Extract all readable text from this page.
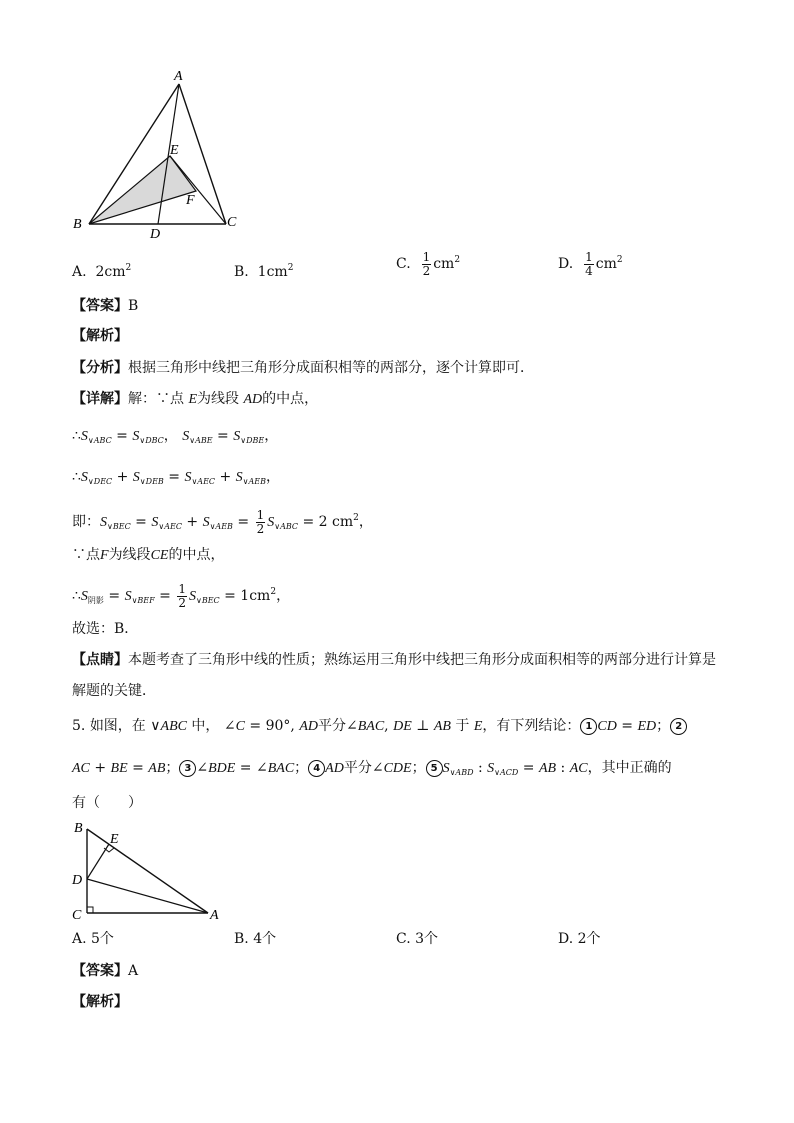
A
E
F
B	C
D
A. $2cm^2$	B. $1cm^2$	C. $\frac{1}{2} cm^2$	D. $\frac{1}{4} cm^2$
【答案】B
【解析】
【分析】根据三角形中线把三角形分成面积相等的两部分，逐个计算即可．
【详解】解：∵点 E为线段 AD的中点，
$\therefore S_{\vee ABC} = S_{\vee DBC}$， $S_{\vee ABE} = S_{\vee DBE}$，
$\therefore S_{\vee DEC} + S_{\vee DEB} = S_{\vee AEC} + S_{\vee AEB}$，
即：$S_{\vee BEC} = S_{\vee AEC} + S_{\vee AEB} = \frac{1}{2} S_{\vee ABC} = 2$ $cm^2$，
∵点F为线段CE的中点，
$\therefore S_{阴影} = S_{\vee BEF} = \frac{1}{2} S_{\vee BEC} = 1cm^2$，
故选：B．
【点睛】本题考查了三角形中线的性质；熟练运用三角形中线把三角形分成面积相等的两部分进行计算是
解题的关键．
5. 如图，在 ∨ABC 中， ∠C = 90°, AD平分∠BAC, DE ⊥ AB 于 E，有下列结论： 1 CD = ED； 2
AC + BE = AB； 3 ∠BDE = ∠BAC； 4 AD平分∠CDE； 5 $S_{\vee ABD}$ : $S_{\vee ACD}$ = AB : AC，其中正确的
有（　　）
B
E
D
C	A
A. 5个	B. 4个	C. 3个	D. 2个
【答案】A
【解析】
